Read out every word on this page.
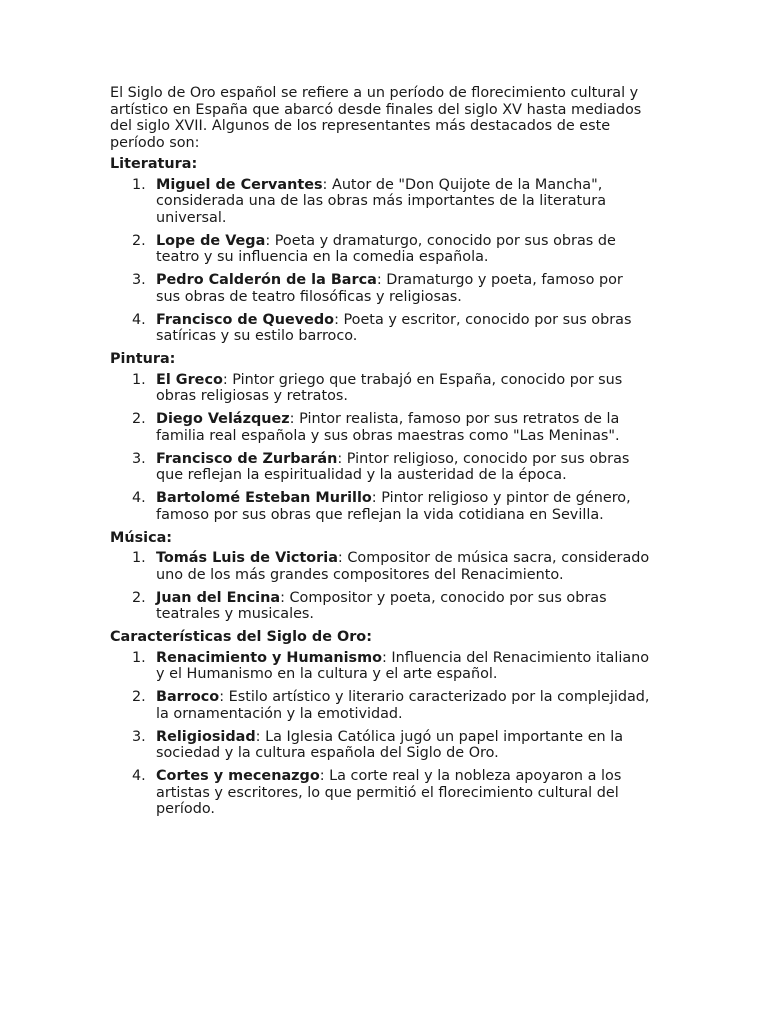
El Siglo de Oro español se refiere a un período de florecimiento cultural y artístico en España que abarcó desde finales del siglo XV hasta mediados del siglo XVII. Algunos de los representantes más destacados de este período son:

Literatura:
1. Miguel de Cervantes: Autor de "Don Quijote de la Mancha", considerada una de las obras más importantes de la literatura universal.
2. Lope de Vega: Poeta y dramaturgo, conocido por sus obras de teatro y su influencia en la comedia española.
3. Pedro Calderón de la Barca: Dramaturgo y poeta, famoso por sus obras de teatro filosóficas y religiosas.
4. Francisco de Quevedo: Poeta y escritor, conocido por sus obras satíricas y su estilo barroco.
Pintura:
1. El Greco: Pintor griego que trabajó en España, conocido por sus obras religiosas y retratos.
2. Diego Velázquez: Pintor realista, famoso por sus retratos de la familia real española y sus obras maestras como "Las Meninas".
3. Francisco de Zurbarán: Pintor religioso, conocido por sus obras que reflejan la espiritualidad y la austeridad de la época.
4. Bartolomé Esteban Murillo: Pintor religioso y pintor de género, famoso por sus obras que reflejan la vida cotidiana en Sevilla.
Música:
1. Tomás Luis de Victoria: Compositor de música sacra, considerado uno de los más grandes compositores del Renacimiento.
2. Juan del Encina: Compositor y poeta, conocido por sus obras teatrales y musicales.
Características del Siglo de Oro:
1. Renacimiento y Humanismo: Influencia del Renacimiento italiano y el Humanismo en la cultura y el arte español.
2. Barroco: Estilo artístico y literario caracterizado por la complejidad, la ornamentación y la emotividad.
3. Religiosidad: La Iglesia Católica jugó un papel importante en la sociedad y la cultura española del Siglo de Oro.
4. Cortes y mecenazgo: La corte real y la nobleza apoyaron a los artistas y escritores, lo que permitió el florecimiento cultural del período.
